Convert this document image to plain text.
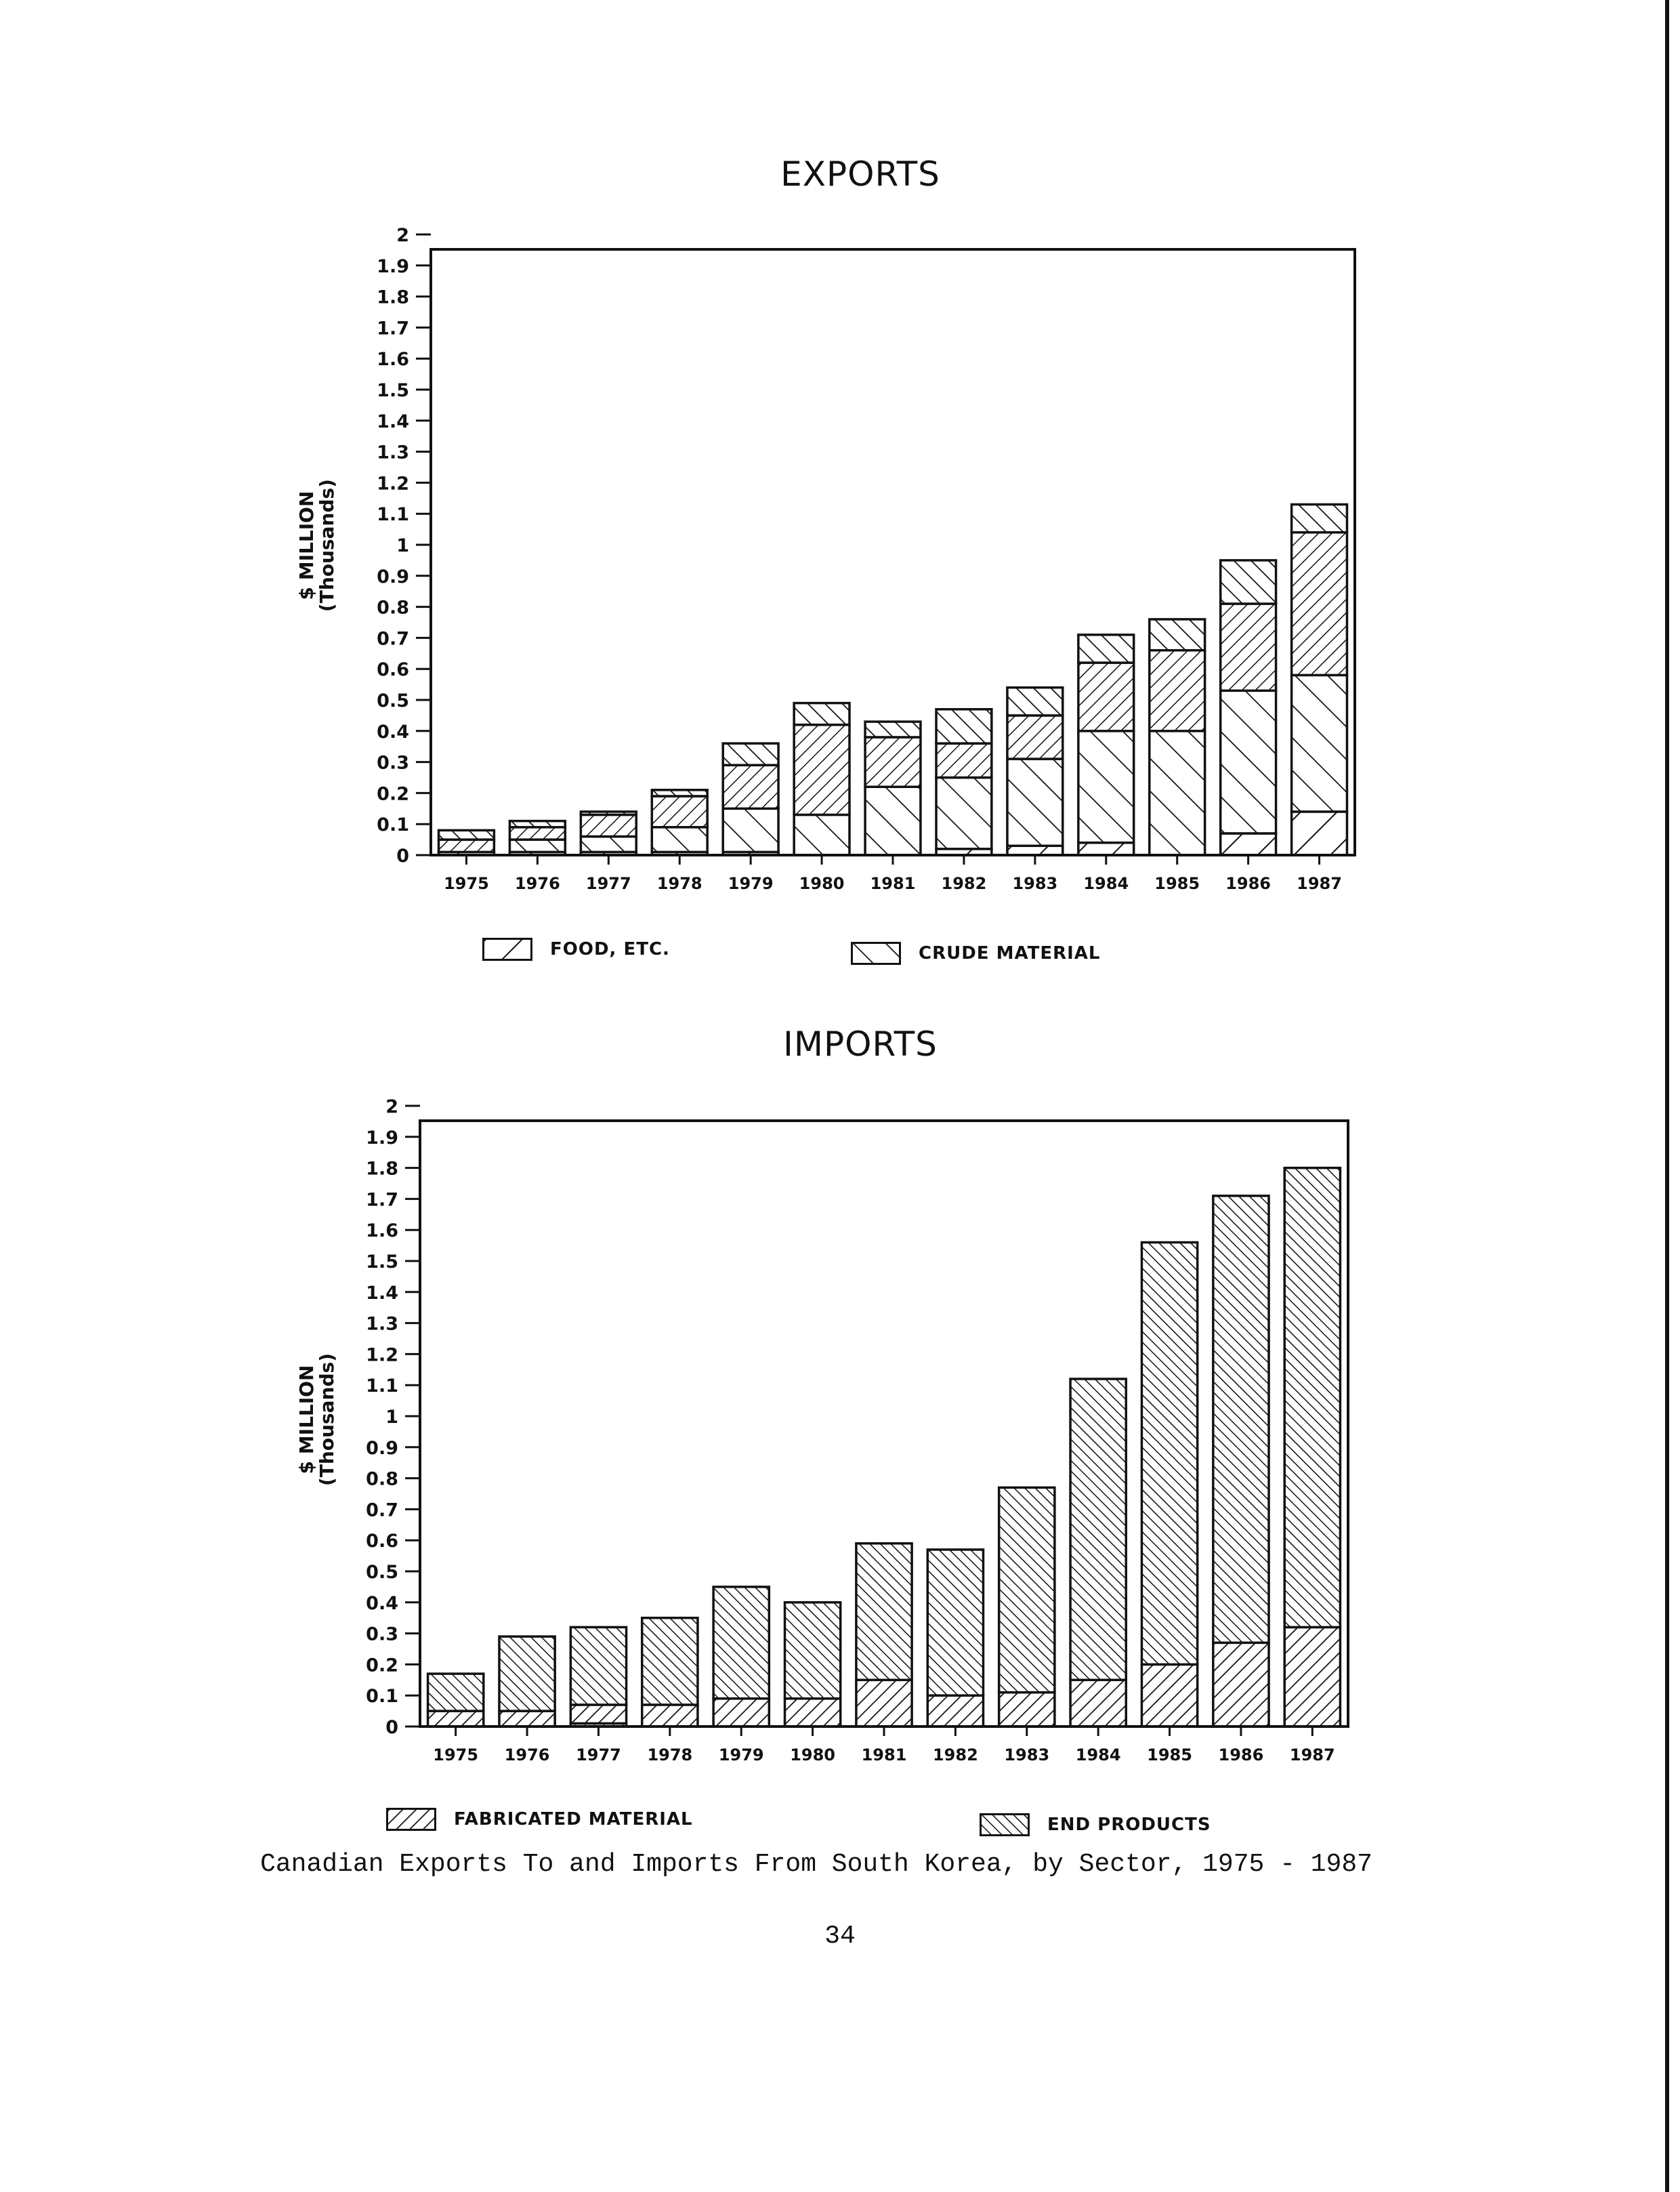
EXPORTS
IMPORTS
0
0.1
0.2
0.3
0.4
0.5
0.6
0.7
0.8
0.9
1
1.1
1.2
1.3
1.4
1.5
1.6
1.7
1.8
1.9
2
1975 1976 1977 1978 1979 1980 1981 1982 1983 1984 1985 1986 1987
0
0.1
0.2
0.3
0.4
0.5
0.6
0.7
0.8
0.9
1
1.1
1.2
1.3
1.4
1.5
1.6
1.7
1.8
1.9
2
1975 1976 1977 1978 1979 1980 1981 1982 1983 1984 1985 1986 1987
$ MILLION
(Thousands)
$ MILLION
(Thousands)
FOOD, ETC.	CRUDE MATERIAL
FABRICATED MATERIAL	END PRODUCTS
Canadian Exports To and Imports From South Korea, by Sector, 1975 - 1987
34
